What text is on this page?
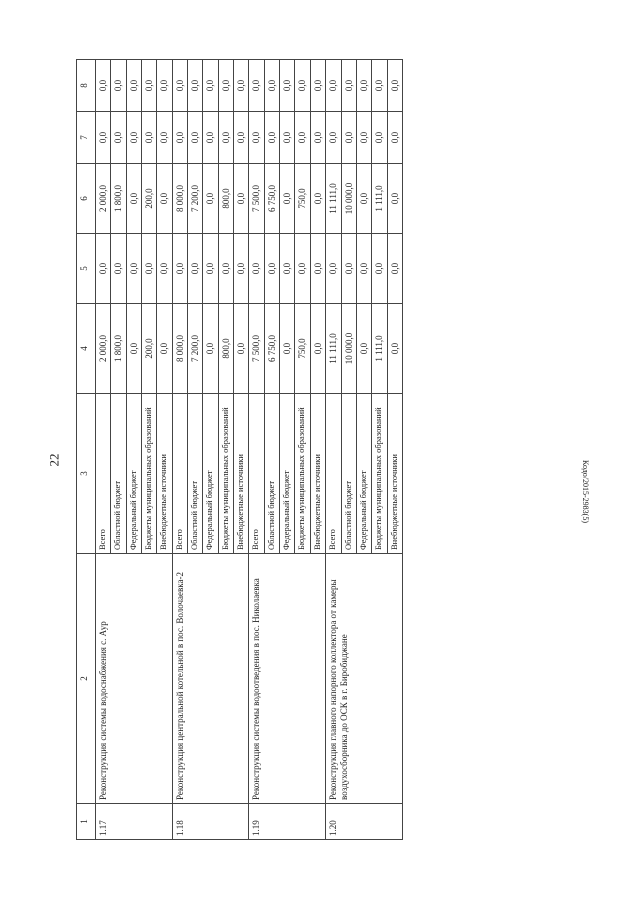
22	Кодо/2015-2983(5)
1	2	3	4	5	6	7	8
1.17	Реконструкция системы водоснабжения с. Аур	Всего	2 000,0	0,0	2 000,0	0,0	0,0
		Областной бюджет	1 800,0	0,0	1 800,0	0,0	0,0
		Федеральный бюджет	0,0	0,0	0,0	0,0	0,0
		Бюджеты муниципальных образований	200,0	0,0	200,0	0,0	0,0
		Внебюджетные источники	0,0	0,0	0,0	0,0	0,0
1.18	Реконструкция центральной котельной в пос. Волочаевка-2	Всего	8 000,0	0,0	8 000,0	0,0	0,0
		Областной бюджет	7 200,0	0,0	7 200,0	0,0	0,0
		Федеральный бюджет	0,0	0,0	0,0	0,0	0,0
		Бюджеты муниципальных образований	800,0	0,0	800,0	0,0	0,0
		Внебюджетные источники	0,0	0,0	0,0	0,0	0,0
1.19	Реконструкция системы водоотведения в пос. Николаевка	Всего	7 500,0	0,0	7 500,0	0,0	0,0
		Областной бюджет	6 750,0	0,0	6 750,0	0,0	0,0
		Федеральный бюджет	0,0	0,0	0,0	0,0	0,0
		Бюджеты муниципальных образований	750,0	0,0	750,0	0,0	0,0
		Внебюджетные источники	0,0	0,0	0,0	0,0	0,0
1.20	Реконструкция главного напорного коллектора от камеры воздухосборника до ОСК в г. Биробиджане	Всего	11 111,0	0,0	11 111,0	0,0	0,0
		Областной бюджет	10 000,0	0,0	10 000,0	0,0	0,0
		Федеральный бюджет	0,0	0,0	0,0	0,0	0,0
		Бюджеты муниципальных образований	1 111,0	0,0	1 111,0	0,0	0,0
		Внебюджетные источники	0,0	0,0	0,0	0,0	0,0
